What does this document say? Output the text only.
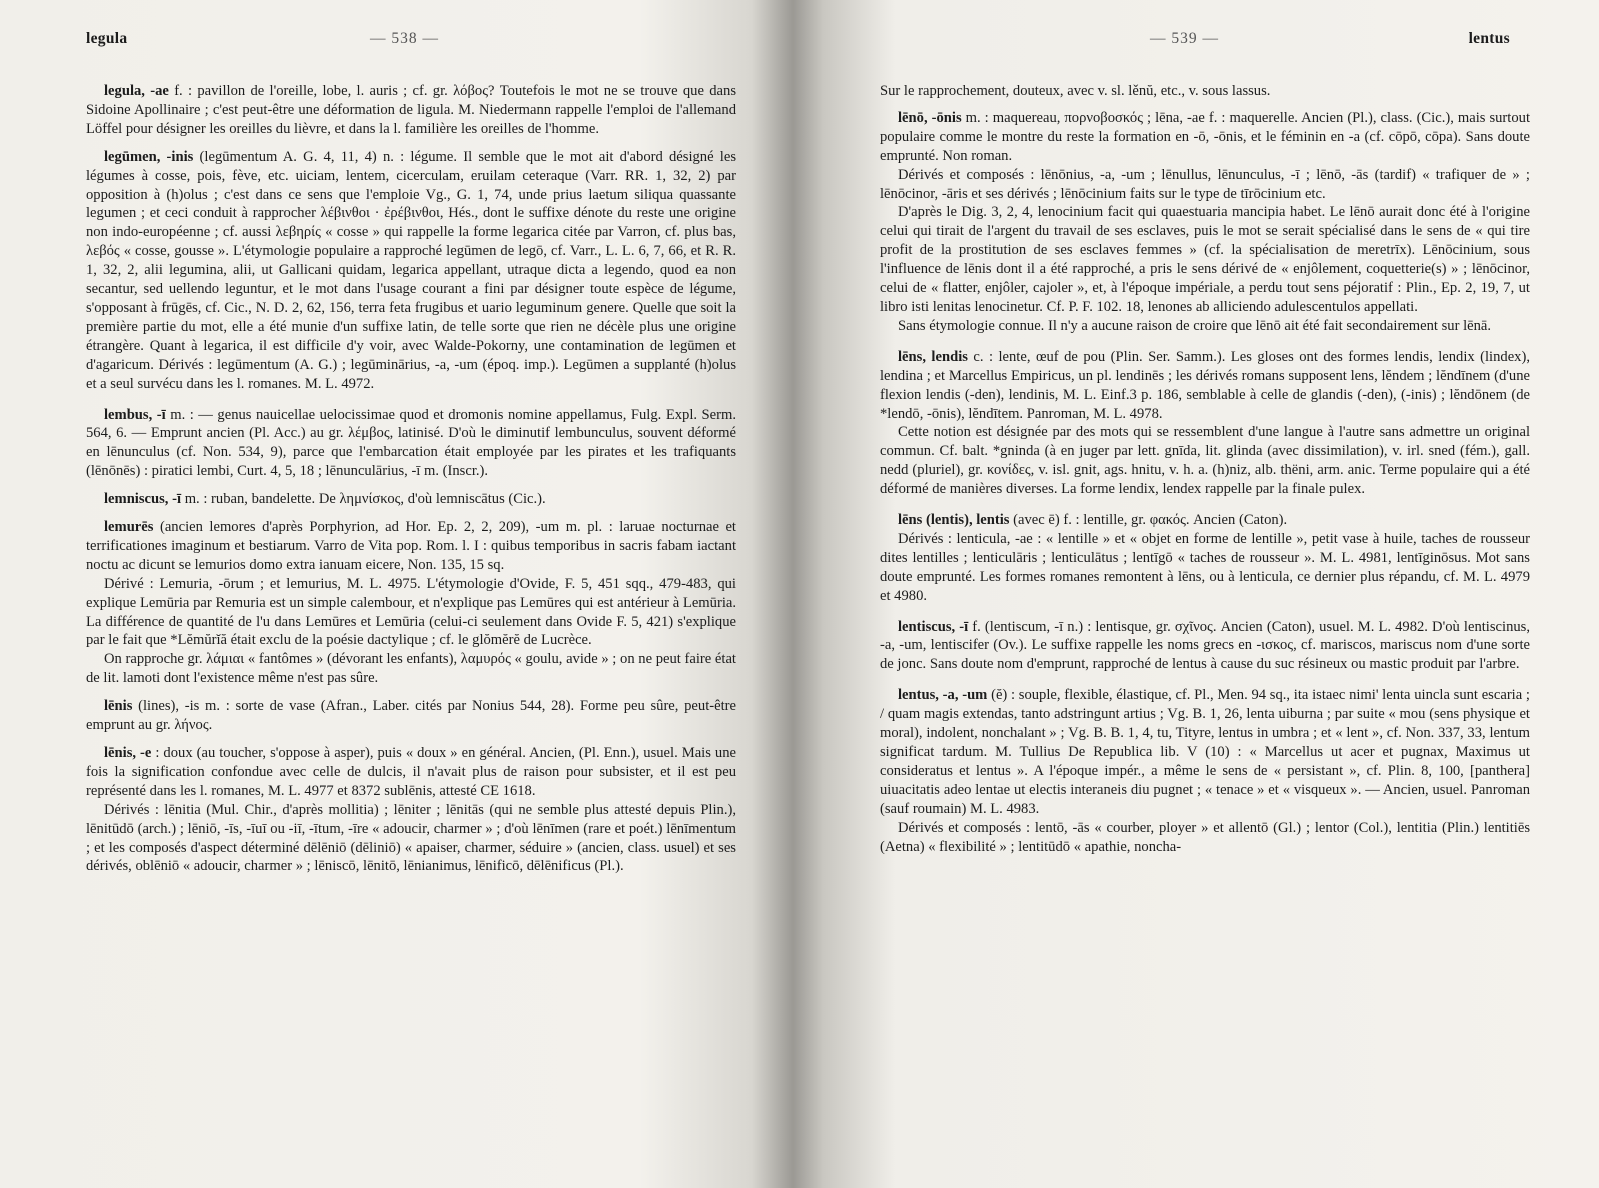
legula	— 538 —
legula, -ae f. : pavillon de l'oreille, lobe, l. auris ; cf. gr. λόβος? Toutefois le mot ne se trouve que dans Sidoine Apollinaire ; c'est peut-être une déformation de ligula. M. Niedermann rappelle l'emploi de l'allemand Löffel pour désigner les oreilles du lièvre, et dans la l. familière les oreilles de l'homme.
legūmen, -inis (legūmentum A. G. 4, 11, 4) n. : légume. Il semble que le mot ait d'abord désigné les légumes à cosse, pois, fève, etc. uiciam, lentem, cicerculam, eruilam ceteraque (Varr. RR. 1, 32, 2) par opposition à (h)olus ; c'est dans ce sens que l'emploie Vg., G. 1, 74, unde prius laetum siliqua quassante legumen ; et ceci conduit à rapprocher λέβινθοι · ἐρέβινθοι, Hés., dont le suffixe dénote du reste une origine non indo-européenne ; cf. aussi λεβηρίς « cosse » qui rappelle la forme legarica citée par Varron, cf. plus bas, λεβός « cosse, gousse ». L'étymologie populaire a rapproché legūmen de legō, cf. Varr., L. L. 6, 7, 66, et R. R. 1, 32, 2, alii legumina, alii, ut Gallicani quidam, legarica appellant, utraque dicta a legendo, quod ea non secantur, sed uellendo leguntur, et le mot dans l'usage courant a fini par désigner toute espèce de légume, s'opposant à frūgēs, cf. Cic., N. D. 2, 62, 156, terra feta frugibus et uario leguminum genere. Quelle que soit la première partie du mot, elle a été munie d'un suffixe latin, de telle sorte que rien ne décèle plus une origine étrangère. Quant à legarica, il est difficile d'y voir, avec Walde-Pokorny, une contamination de legūmen et d'agaricum. Dérivés : legūmentum (A. G.) ; legūminārius, -a, -um (époq. imp.). Legūmen a supplanté (h)olus et a seul survécu dans les l. romanes. M. L. 4972.
lembus, -ī m. : — genus nauicellae uelocissimae quod et dromonis nomine appellamus, Fulg. Expl. Serm. 564, 6. — Emprunt ancien (Pl. Acc.) au gr. λέμβος, latinisé. D'où le diminutif lembunculus, souvent déformé en lēnunculus (cf. Non. 534, 9), parce que l'embarcation était employée par les pirates et les trafiquants (lēnōnēs) : piratici lembi, Curt. 4, 5, 18 ; lēnunculārius, -ī m. (Inscr.).
lemniscus, -ī m. : ruban, bandelette. De λημνίσκος, d'où lemniscātus (Cic.).
lemurēs (ancien lemores d'après Porphyrion, ad Hor. Ep. 2, 2, 209), -um m. pl. : laruae nocturnae et terrificationes imaginum et bestiarum. Varro de Vita pop. Rom. l. I : quibus temporibus in sacris fabam iactant noctu ac dicunt se lemurios domo extra ianuam eicere, Non. 135, 15 sq.
Dérivé : Lemuria, -ōrum ; et lemurius, M. L. 4975. L'étymologie d'Ovide, F. 5, 451 sqq., 479-483, qui explique Lemūria par Remuria est un simple calembour, et n'explique pas Lemūres qui est antérieur à Lemūria. La différence de quantité de l'u dans Lemūres et Lemūria (celui-ci seulement dans Ovide F. 5, 421) s'explique par le fait que *Lĕmŭrĭă était exclu de la poésie dactylique ; cf. le glŏmĕrĕ de Lucrèce.
On rapproche gr. λάμιαι « fantômes » (dévorant les enfants), λαμυρός « goulu, avide » ; on ne peut faire état de lit. lamoti dont l'existence même n'est pas sûre.
lēnis (lines), -is m. : sorte de vase (Afran., Laber. cités par Nonius 544, 28). Forme peu sûre, peut-être emprunt au gr. λήνος.
lēnis, -e : doux (au toucher, s'oppose à asper), puis « doux » en général. Ancien, (Pl. Enn.), usuel. Mais une fois la signification confondue avec celle de dulcis, il n'avait plus de raison pour subsister, et il est peu représenté dans les l. romanes, M. L. 4977 et 8372 sublēnis, attesté CE 1618.
Dérivés : lēnitia (Mul. Chir., d'après mollitia) ; lēniter ; lēnitās (qui ne semble plus attesté depuis Plin.), lēnitūdō (arch.) ; lēniō, -īs, -īuī ou -iī, -ītum, -īre « adoucir, charmer » ; d'où lēnīmen (rare et poét.) lēnīmentum ; et les composés d'aspect déterminé dēlēniō (dēliniō) « apaiser, charmer, séduire » (ancien, class. usuel) et ses dérivés, oblēniō « adoucir, charmer » ; lēniscō, lēnitō, lēnianimus, lēnificō, dēlēnificus (Pl.).
— 539 —	lentus
Sur le rapprochement, douteux, avec v. sl. lěnŭ, etc., v. sous lassus.
lēnō, -ōnis m. : maquereau, πορνοβοσκός ; lēna, -ae f. : maquerelle. Ancien (Pl.), class. (Cic.), mais surtout populaire comme le montre du reste la formation en -ō, -ōnis, et le féminin en -a (cf. cōpō, cōpa). Sans doute emprunté. Non roman.
Dérivés et composés : lēnōnius, -a, -um ; lēnullus, lēnunculus, -ī ; lēnō, -ās (tardif) « trafiquer de » ; lēnōcinor, -āris et ses dérivés ; lēnōcinium faits sur le type de tīrōcinium etc.
D'après le Dig. 3, 2, 4, lenocinium facit qui quaestuaria mancipia habet. Le lēnō aurait donc été à l'origine celui qui tirait de l'argent du travail de ses esclaves, puis le mot se serait spécialisé dans le sens de « qui tire profit de la prostitution de ses esclaves femmes » (cf. la spécialisation de meretrīx). Lēnōcinium, sous l'influence de lēnis dont il a été rapproché, a pris le sens dérivé de « enjôlement, coquetterie(s) » ; lēnōcinor, celui de « flatter, enjôler, cajoler », et, à l'époque impériale, a perdu tout sens péjoratif : Plin., Ep. 2, 19, 7, ut libro isti lenitas lenocinetur. Cf. P. F. 102. 18, lenones ab alliciendo adulescentulos appellati.
Sans étymologie connue. Il n'y a aucune raison de croire que lēnō ait été fait secondairement sur lēnā.
lēns, lendis c. : lente, œuf de pou (Plin. Ser. Samm.). Les gloses ont des formes lendis, lendix (lindex), lendina ; et Marcellus Empiricus, un pl. lendinēs ; les dérivés romans supposent lens, lĕndem ; lĕndīnem (d'une flexion lendis (-den), lendinis, M. L. Einf.3 p. 186, semblable à celle de glandis (-den), (-inis) ; lĕndōnem (de *lendō, -ōnis), lĕndītem. Panroman, M. L. 4978.
Cette notion est désignée par des mots qui se ressemblent d'une langue à l'autre sans admettre un original commun. Cf. balt. *gninda (à en juger par lett. gnīda, lit. glinda (avec dissimilation), v. irl. sned (fém.), gall. nedd (pluriel), gr. κονίδες, v. isl. gnit, ags. hnitu, v. h. a. (h)niz, alb. thëni, arm. anic. Terme populaire qui a été déformé de manières diverses. La forme lendix, lendex rappelle par la finale pulex.
lēns (lentis), lentis (avec ē) f. : lentille, gr. φακός. Ancien (Caton).
Dérivés : lenticula, -ae : « lentille » et « objet en forme de lentille », petit vase à huile, taches de rousseur dites lentilles ; lenticulāris ; lenticulātus ; lentīgō « taches de rousseur ». M. L. 4981, lentīginōsus. Mot sans doute emprunté. Les formes romanes remontent à lēns, ou à lenticula, ce dernier plus répandu, cf. M. L. 4979 et 4980.
lentiscus, -ī f. (lentiscum, -ī n.) : lentisque, gr. σχῖνος. Ancien (Caton), usuel. M. L. 4982. D'où lentiscinus, -a, -um, lentiscifer (Ov.). Le suffixe rappelle les noms grecs en -ισκος, cf. mariscos, mariscus nom d'une sorte de jonc. Sans doute nom d'emprunt, rapproché de lentus à cause du suc résineux ou mastic produit par l'arbre.
lentus, -a, -um (ĕ) : souple, flexible, élastique, cf. Pl., Men. 94 sq., ita istaec nimi' lenta uincla sunt escaria ; / quam magis extendas, tanto adstringunt artius ; Vg. B. 1, 26, lenta uiburna ; par suite « mou (sens physique et moral), indolent, nonchalant » ; Vg. B. B. 1, 4, tu, Tityre, lentus in umbra ; et « lent », cf. Non. 337, 33, lentum significat tardum. M. Tullius De Republica lib. V (10) : « Marcellus ut acer et pugnax, Maximus ut consideratus et lentus ». A l'époque impér., a même le sens de « persistant », cf. Plin. 8, 100, [panthera] uiuacitatis adeo lentae ut electis interaneis diu pugnet ; « tenace » et « visqueux ». — Ancien, usuel. Panroman (sauf roumain) M. L. 4983.
Dérivés et composés : lentō, -ās « courber, ployer » et allentō (Gl.) ; lentor (Col.), lentitia (Plin.) lentitiēs (Aetna) « flexibilité » ; lentitūdō « apathie, noncha-
